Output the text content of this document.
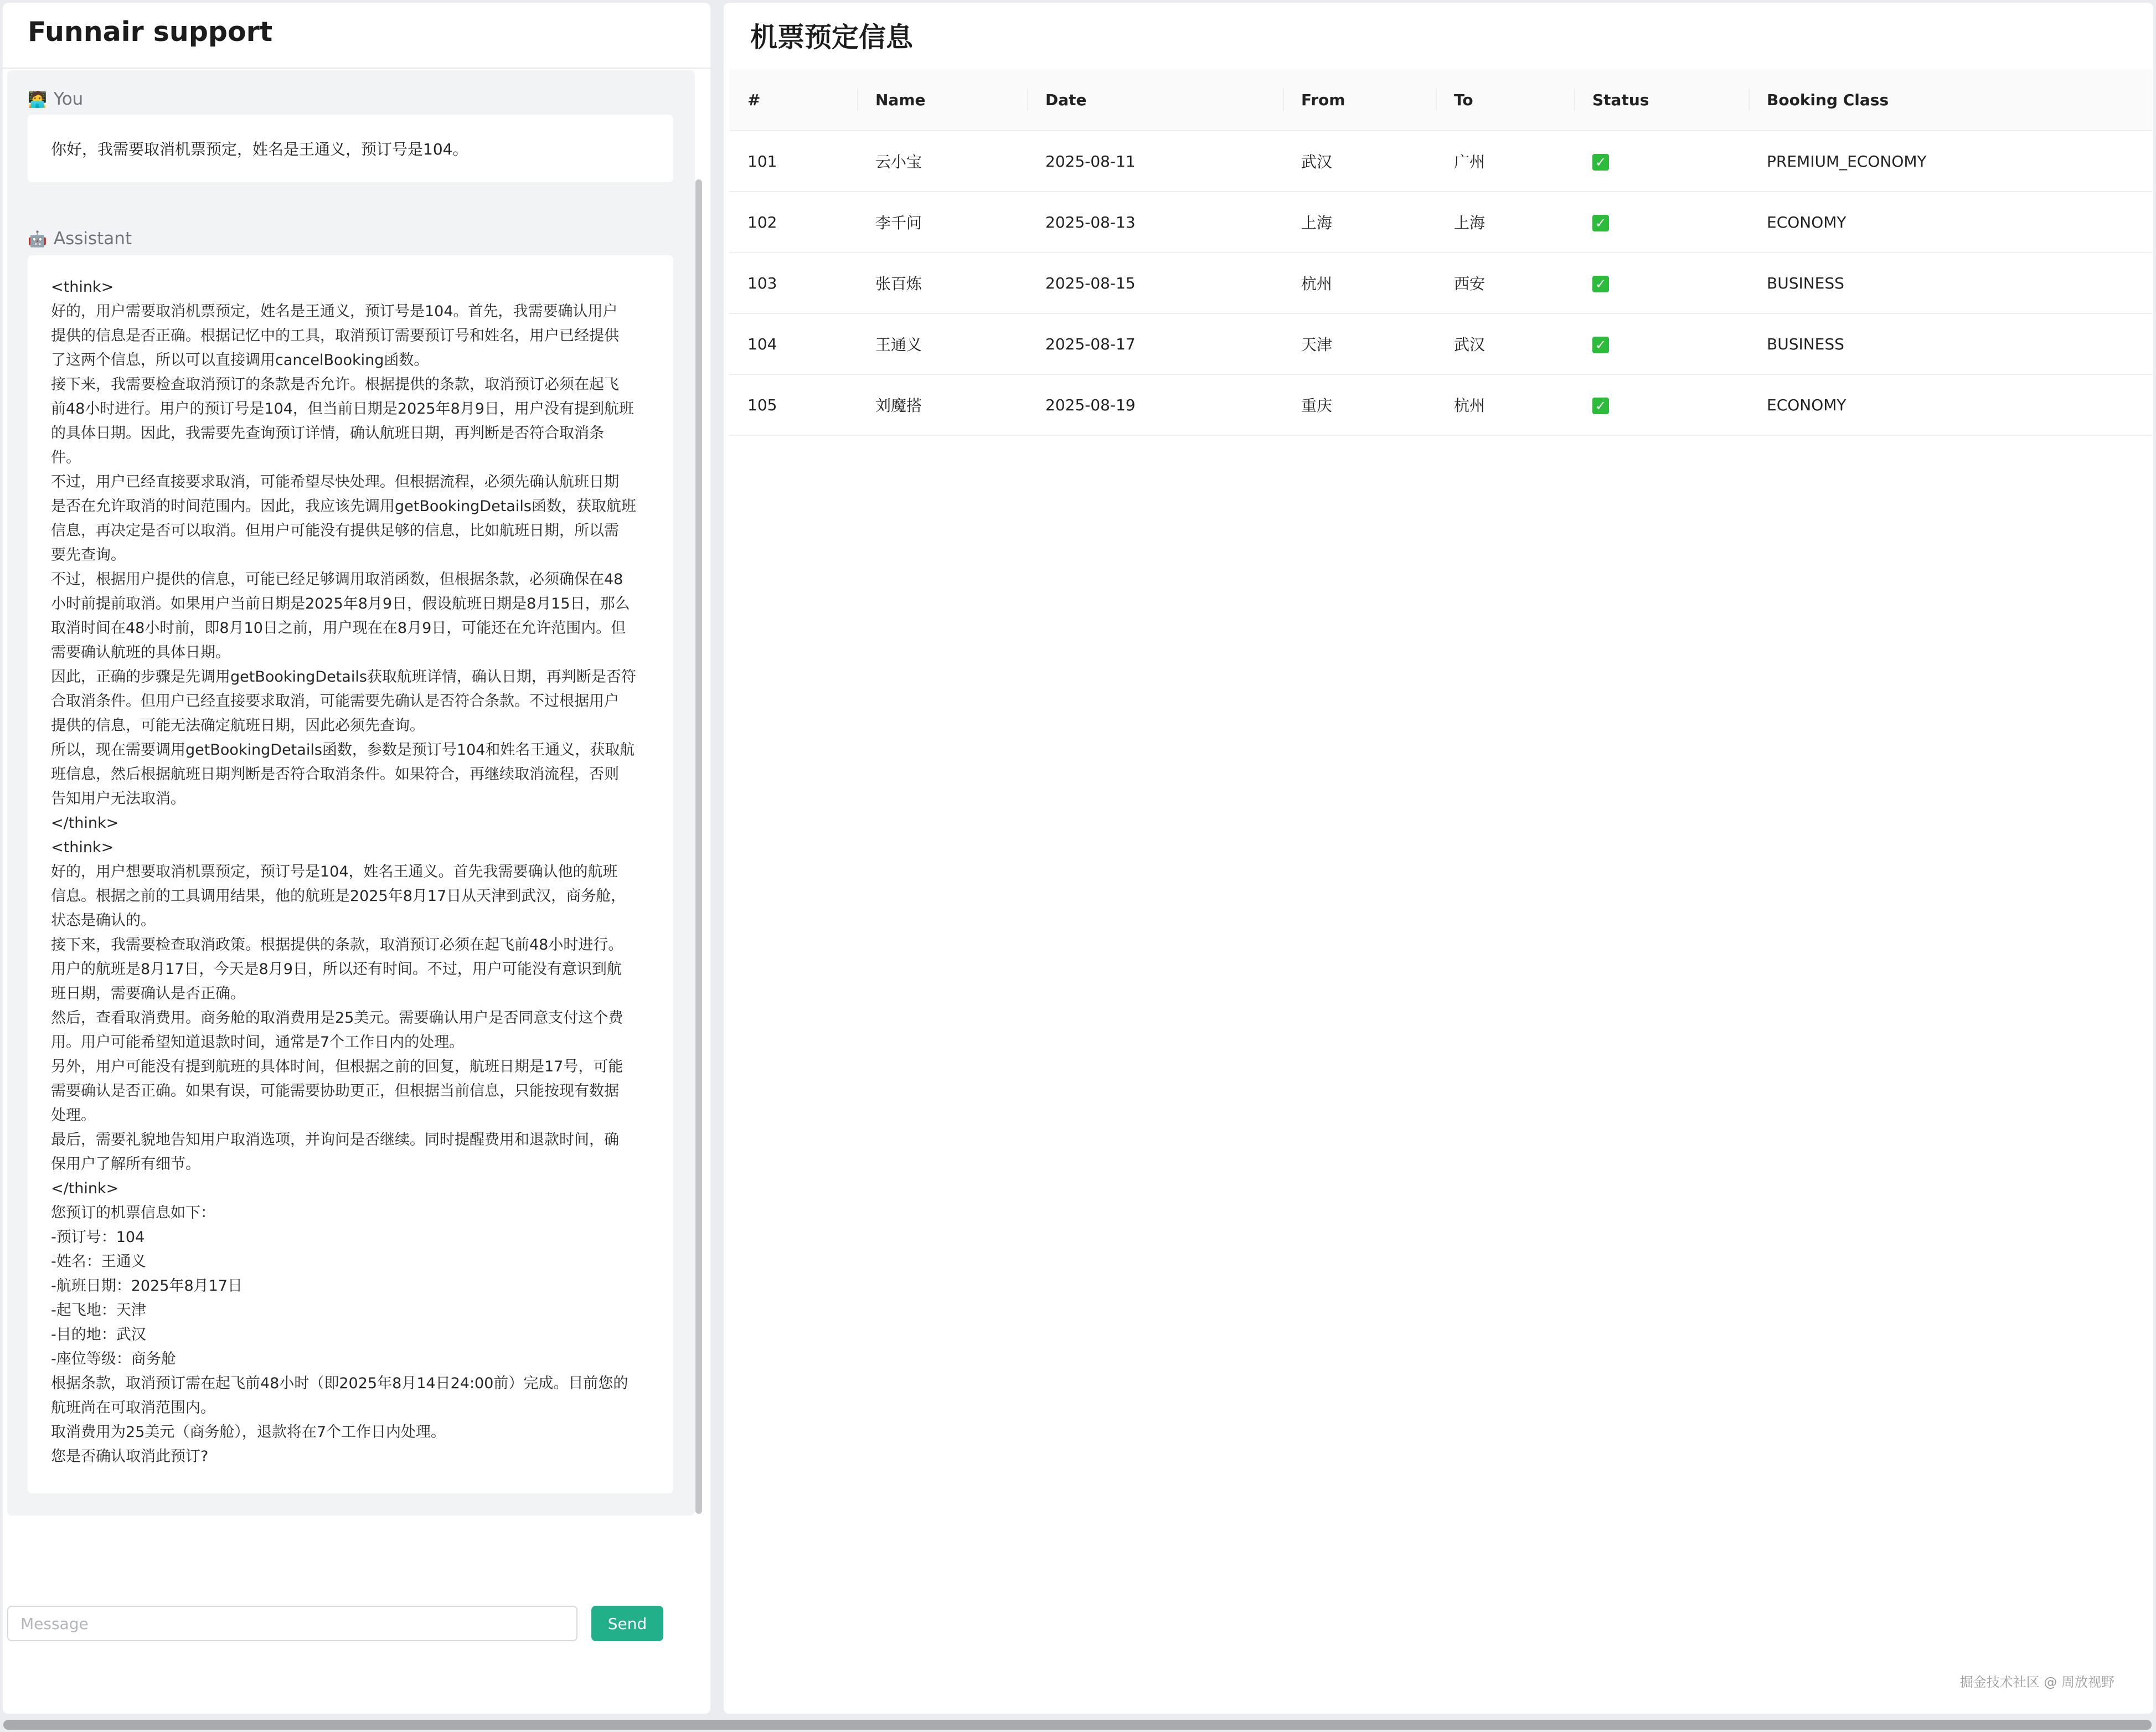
Funnair support
🧑‍💻 You
你好，我需要取消机票预定，姓名是王通义，预订号是104。
🤖 Assistant
<think>
好的，用户需要取消机票预定，姓名是王通义，预订号是104。首先，我需要确认用户
提供的信息是否正确。根据记忆中的工具，取消预订需要预订号和姓名，用户已经提供
了这两个信息，所以可以直接调用cancelBooking函数。
接下来，我需要检查取消预订的条款是否允许。根据提供的条款，取消预订必须在起飞
前48小时进行。用户的预订号是104，但当前日期是2025年8月9日，用户没有提到航班
的具体日期。因此，我需要先查询预订详情，确认航班日期，再判断是否符合取消条
件。
不过，用户已经直接要求取消，可能希望尽快处理。但根据流程，必须先确认航班日期
是否在允许取消的时间范围内。因此，我应该先调用getBookingDetails函数，获取航班
信息，再决定是否可以取消。但用户可能没有提供足够的信息，比如航班日期，所以需
要先查询。
不过，根据用户提供的信息，可能已经足够调用取消函数，但根据条款，必须确保在48
小时前提前取消。如果用户当前日期是2025年8月9日，假设航班日期是8月15日，那么
取消时间在48小时前，即8月10日之前，用户现在在8月9日，可能还在允许范围内。但
需要确认航班的具体日期。
因此，正确的步骤是先调用getBookingDetails获取航班详情，确认日期，再判断是否符
合取消条件。但用户已经直接要求取消，可能需要先确认是否符合条款。不过根据用户
提供的信息，可能无法确定航班日期，因此必须先查询。
所以，现在需要调用getBookingDetails函数，参数是预订号104和姓名王通义，获取航
班信息，然后根据航班日期判断是否符合取消条件。如果符合，再继续取消流程，否则
告知用户无法取消。
</think>
<think>
好的，用户想要取消机票预定，预订号是104，姓名王通义。首先我需要确认他的航班
信息。根据之前的工具调用结果，他的航班是2025年8月17日从天津到武汉，商务舱，
状态是确认的。
接下来，我需要检查取消政策。根据提供的条款，取消预订必须在起飞前48小时进行。
用户的航班是8月17日，今天是8月9日，所以还有时间。不过，用户可能没有意识到航
班日期，需要确认是否正确。
然后，查看取消费用。商务舱的取消费用是25美元。需要确认用户是否同意支付这个费
用。用户可能希望知道退款时间，通常是7个工作日内的处理。
另外，用户可能没有提到航班的具体时间，但根据之前的回复，航班日期是17号，可能
需要确认是否正确。如果有误，可能需要协助更正，但根据当前信息，只能按现有数据
处理。
最后，需要礼貌地告知用户取消选项，并询问是否继续。同时提醒费用和退款时间，确
保用户了解所有细节。
</think>
您预订的机票信息如下：
-预订号：104
-姓名：王通义
-航班日期：2025年8月17日
-起飞地：天津
-目的地：武汉
-座位等级：商务舱
根据条款，取消预订需在起飞前48小时（即2025年8月14日24:00前）完成。目前您的
航班尚在可取消范围内。
取消费用为25美元（商务舱），退款将在7个工作日内处理。
您是否确认取消此预订?
Message
Send
机票预定信息
#	Name	Date	From	To	Status	Booking Class
101	云小宝	2025-08-11	武汉	广州	✓	PREMIUM_ECONOMY
102	李千问	2025-08-13	上海	上海	✓	ECONOMY
103	张百炼	2025-08-15	杭州	西安	✓	BUSINESS
104	王通义	2025-08-17	天津	武汉	✓	BUSINESS
105	刘魔搭	2025-08-19	重庆	杭州	✓	ECONOMY
掘金技术社区 @ 周放视野
